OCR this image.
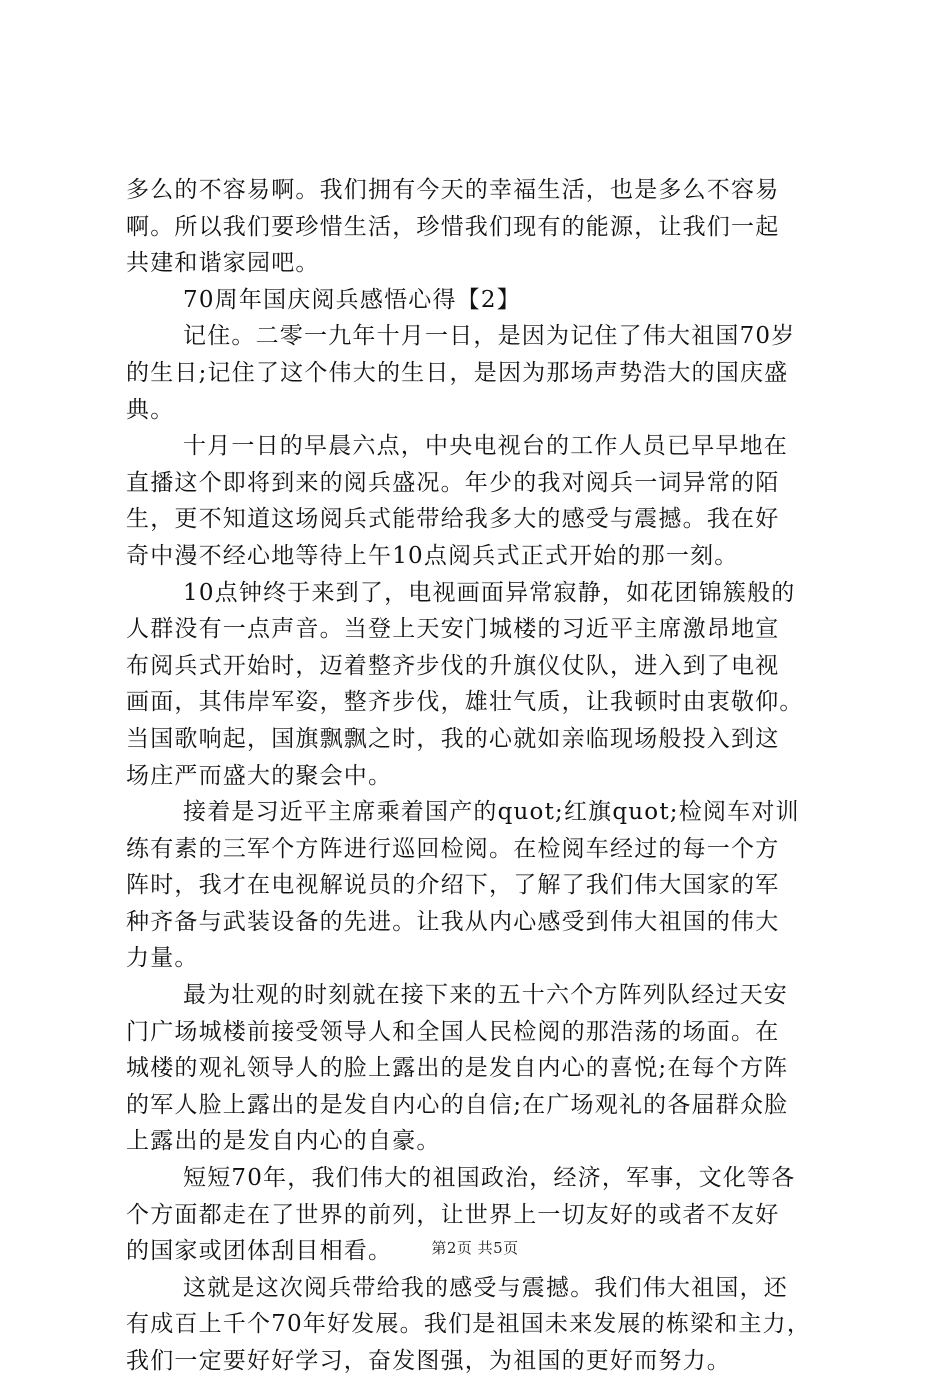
多么的不容易啊。我们拥有今天的幸福生活，也是多么不容易
啊。所以我们要珍惜生活，珍惜我们现有的能源，让我们一起
共建和谐家园吧。
70周年国庆阅兵感悟心得【2】
记住。二零一九年十月一日，是因为记住了伟大祖国70岁
的生日;记住了这个伟大的生日，是因为那场声势浩大的国庆盛
典。
十月一日的早晨六点，中央电视台的工作人员已早早地在
直播这个即将到来的阅兵盛况。年少的我对阅兵一词异常的陌
生，更不知道这场阅兵式能带给我多大的感受与震撼。我在好
奇中漫不经心地等待上午10点阅兵式正式开始的那一刻。
10点钟终于来到了，电视画面异常寂静，如花团锦簇般的
人群没有一点声音。当登上天安门城楼的习近平主席激昂地宣
布阅兵式开始时，迈着整齐步伐的升旗仪仗队，进入到了电视
画面，其伟岸军姿，整齐步伐，雄壮气质，让我顿时由衷敬仰。
当国歌响起，国旗飘飘之时，我的心就如亲临现场般投入到这
场庄严而盛大的聚会中。
接着是习近平主席乘着国产的quot;红旗quot;检阅车对训
练有素的三军个方阵进行巡回检阅。在检阅车经过的每一个方
阵时，我才在电视解说员的介绍下，了解了我们伟大国家的军
种齐备与武装设备的先进。让我从内心感受到伟大祖国的伟大
力量。
最为壮观的时刻就在接下来的五十六个方阵列队经过天安
门广场城楼前接受领导人和全国人民检阅的那浩荡的场面。在
城楼的观礼领导人的脸上露出的是发自内心的喜悦;在每个方阵
的军人脸上露出的是发自内心的自信;在广场观礼的各届群众脸
上露出的是发自内心的自豪。
短短70年，我们伟大的祖国政治，经济，军事，文化等各
个方面都走在了世界的前列，让世界上一切友好的或者不友好
的国家或团体刮目相看。
这就是这次阅兵带给我的感受与震撼。我们伟大祖国，还
有成百上千个70年好发展。我们是祖国未来发展的栋梁和主力，
我们一定要好好学习，奋发图强，为祖国的更好而努力。
第2页 共5页
